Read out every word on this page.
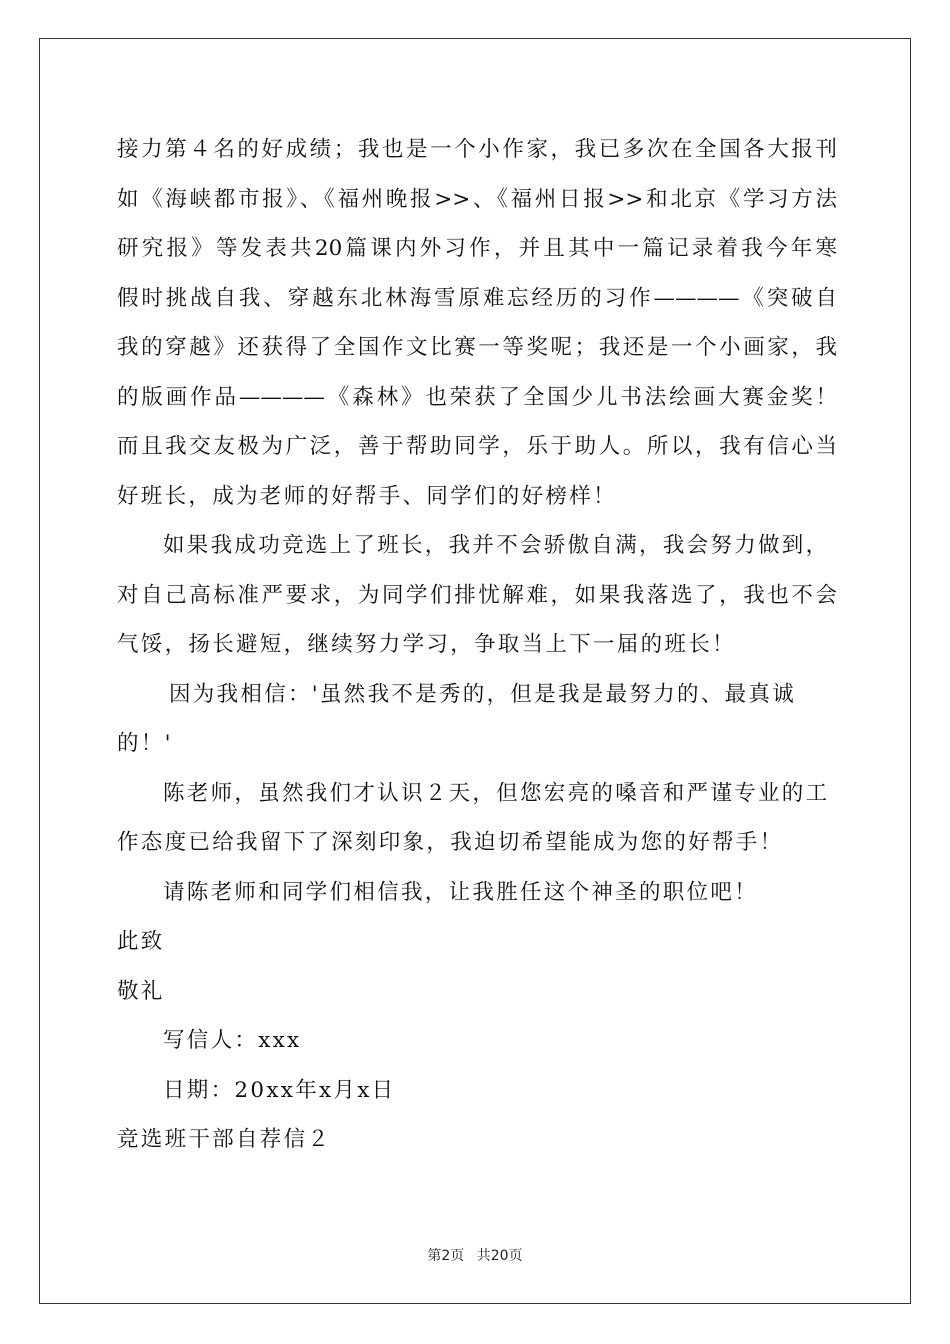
接力第４名的好成绩；我也是一个小作家，我已多次在全国各大报刊
如《海峡都市报》、《福州晚报>>、《福州日报>>和北京《学习方法
研究报》等发表共20篇课内外习作，并且其中一篇记录着我今年寒
假时挑战自我、穿越东北林海雪原难忘经历的习作————《突破自
我的穿越》还获得了全国作文比赛一等奖呢；我还是一个小画家，我
的版画作品————《森林》也荣获了全国少儿书法绘画大赛金奖！
而且我交友极为广泛，善于帮助同学，乐于助人。所以，我有信心当
好班长，成为老师的好帮手、同学们的好榜样！
如果我成功竞选上了班长，我并不会骄傲自满，我会努力做到，
对自己高标准严要求，为同学们排忧解难，如果我落选了，我也不会
气馁，扬长避短，继续努力学习，争取当上下一届的班长！
因为我相信：'虽然我不是秀的，但是我是最努力的、最真诚
的！'
陈老师，虽然我们才认识２天，但您宏亮的嗓音和严谨专业的工
作态度已给我留下了深刻印象，我迫切希望能成为您的好帮手！
请陈老师和同学们相信我，让我胜任这个神圣的职位吧！
此致
敬礼
写信人：xxx
日期：20xx年x月x日
竞选班干部自荐信２
第2页 共20页
